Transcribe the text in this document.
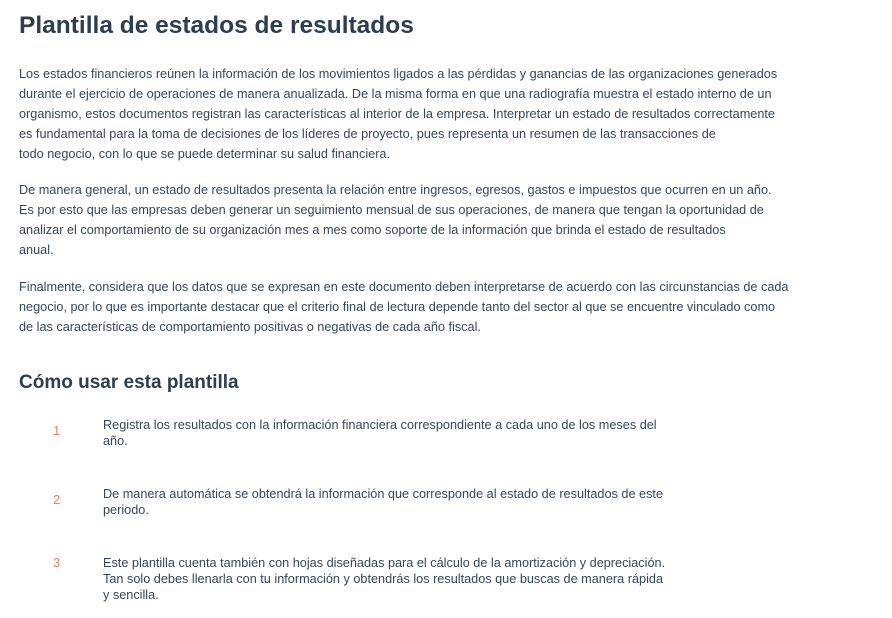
Plantilla de estados de resultados
Los estados financieros reúnen la información de los movimientos ligados a las pérdidas y ganancias de las organizaciones generados
durante el ejercicio de operaciones de manera anualizada. De la misma forma en que una radiografía muestra el estado interno de un
organismo, estos documentos registran las características al interior de la empresa. Interpretar un estado de resultados correctamente
es fundamental para la toma de decisiones de los líderes de proyecto, pues representa un resumen de las transacciones de
todo negocio, con lo que se puede determinar su salud financiera.
De manera general, un estado de resultados presenta la relación entre ingresos, egresos, gastos e impuestos que ocurren en un año.
Es por esto que las empresas deben generar un seguimiento mensual de sus operaciones, de manera que tengan la oportunidad de
analizar el comportamiento de su organización mes a mes como soporte de la información que brinda el estado de resultados
anual.
Finalmente, considera que los datos que se expresan en este documento deben interpretarse de acuerdo con las circunstancias de cada
negocio, por lo que es importante destacar que el criterio final de lectura depende tanto del sector al que se encuentre vinculado como
de las características de comportamiento positivas o negativas de cada año fiscal.
Cómo usar esta plantilla
1	Registra los resultados con la información financiera correspondiente a cada uno de los meses del
año.

2	De manera automática se obtendrá la información que corresponde al estado de resultados de este
periodo.

3	Este plantilla cuenta también con hojas diseñadas para el cálculo de la amortización y depreciación.
Tan solo debes llenarla con tu información y obtendrás los resultados que buscas de manera rápida
y sencilla.
